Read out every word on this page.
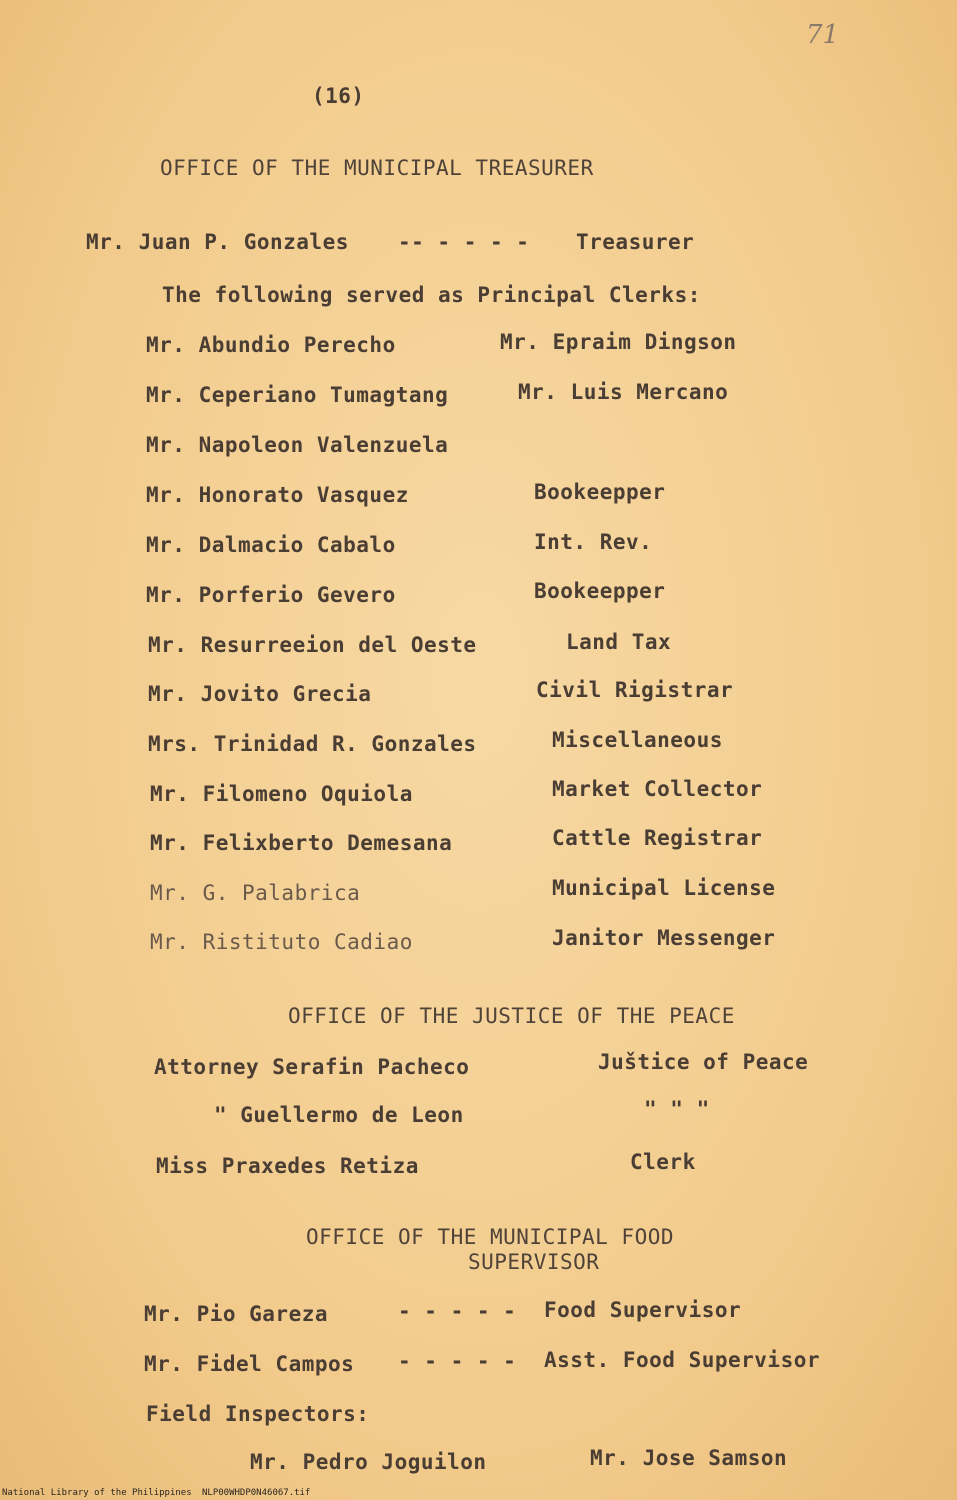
71
(16)
OFFICE OF THE MUNICIPAL TREASURER
Mr. Juan P. Gonzales -- - - - - Treasurer
The following served as Principal Clerks:
Mr. Abundio Perecho	Mr. Epraim Dingson
Mr. Ceperiano Tumagtang	Mr. Luis Mercano
Mr. Napoleon Valenzuela
Mr. Honorato Vasquez	Bookeepper
Mr. Dalmacio Cabalo	Int. Rev.
Mr. Porferio Gevero	Bookeepper
Mr. Resurreeion del Oeste	Land Tax
Mr. Jovito Grecia	Civil Rigistrar
Mrs. Trinidad R. Gonzales	Miscellaneous
Mr. Filomeno Oquiola	Market Collector
Mr. Felixberto Demesana	Cattle Registrar
Mr. G. Palabrica	Municipal License
Mr. Ristituto Cadiao	Janitor Messenger
OFFICE OF THE JUSTICE OF THE PEACE
Attorney Serafin Pacheco	Juštice of Peace
" Guellermo de Leon	" " "
Miss Praxedes Retiza	Clerk
OFFICE OF THE MUNICIPAL FOOD
SUPERVISOR
Mr. Pio Gareza	- - - - - Food Supervisor
Mr. Fidel Campos - - - - - Asst. Food Supervisor
Field Inspectors:
Mr. Pedro Joguilon	Mr. Jose Samson
National Library of the Philippines NLP00WHDP0N46067.tif
